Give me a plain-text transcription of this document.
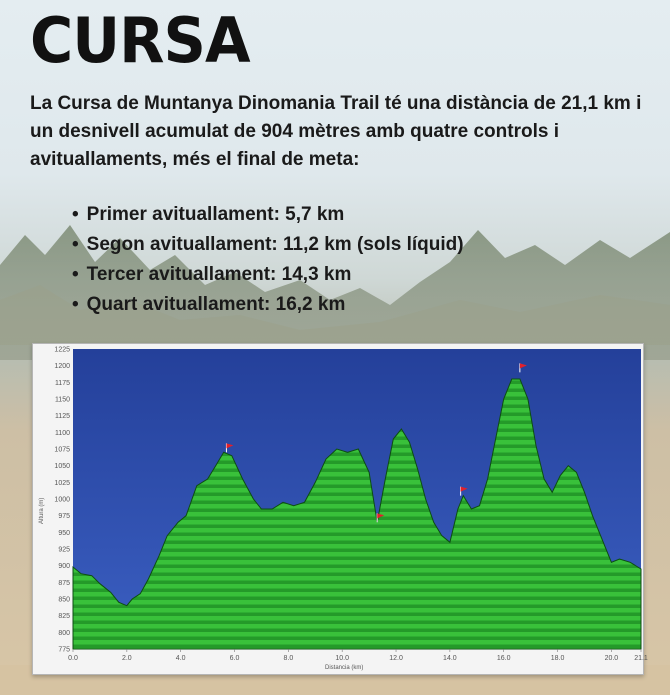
CURSA

La Cursa de Muntanya Dinomania Trail té una distància de 21,1 km i un desnivell acumulat de 904 mètres amb quatre controls i avituallaments, més el final de meta:

• Primer avituallament: 5,7 km
• Segon avituallament: 11,2 km (sols líquid)
• Tercer avituallament: 14,3 km
• Quart avituallament: 16,2 km
775
800
825
850
875
900
925
950
975
1000
1025
1050
1075
1100
1125
1150
1175
1200
1225
0.0	2.0	4.0	6.0	8.0	10.0	12.0	14.0	16.0	18.0	20.0 21.1
Altura (m)
Distancia (km)
